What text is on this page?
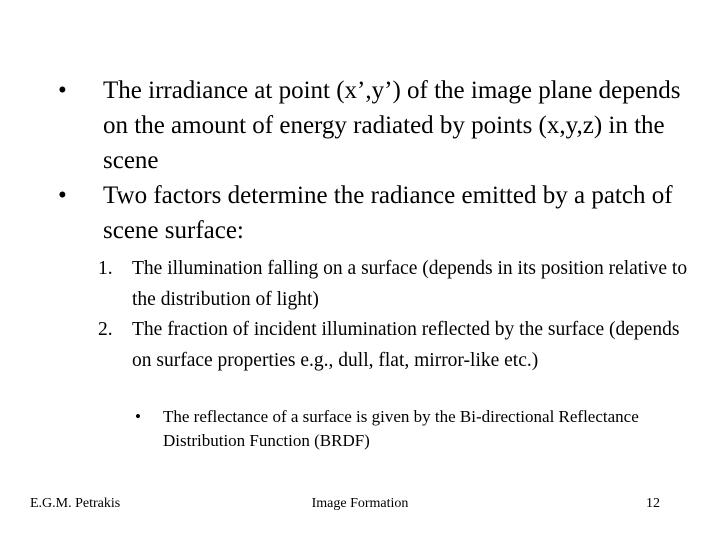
•	The irradiance at point (x’,y’) of the image plane depends on the amount of energy radiated by points (x,y,z) in the scene
•	Two factors determine the radiance emitted by a patch of scene surface:
1. The illumination falling on a surface (depends in its position relative to the distribution of light)
2. The fraction of incident illumination reflected by the surface (depends on surface properties e.g., dull, flat, mirror-like etc.)
•	The reflectance of a surface is given by the Bi-directional Reflectance Distribution Function (BRDF)
E.G.M. Petrakis	Image Formation	12
